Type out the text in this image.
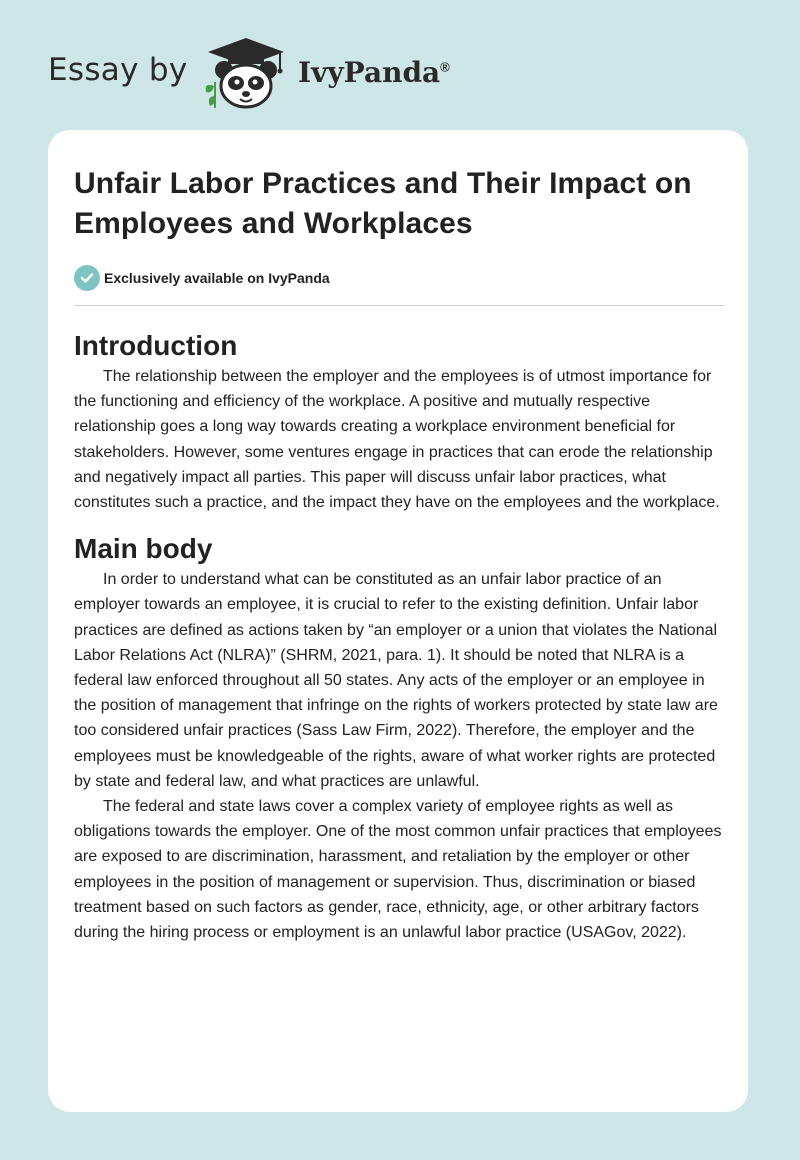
Essay by	IvyPanda®
Unfair Labor Practices and Their Impact on Employees and Workplaces
Exclusively available on IvyPanda
Introduction

The relationship between the employer and the employees is of utmost importance for the functioning and efficiency of the workplace. A positive and mutually respective relationship goes a long way towards creating a workplace environment beneficial for stakeholders. However, some ventures engage in practices that can erode the relationship and negatively impact all parties. This paper will discuss unfair labor practices, what constitutes such a practice, and the impact they have on the employees and the workplace.

Main body

In order to understand what can be constituted as an unfair labor practice of an employer towards an employee, it is crucial to refer to the existing definition. Unfair labor practices are defined as actions taken by “an employer or a union that violates the National Labor Relations Act (NLRA)” (SHRM, 2021, para. 1). It should be noted that NLRA is a federal law enforced throughout all 50 states. Any acts of the employer or an employee in the position of management that infringe on the rights of workers protected by state law are too considered unfair practices (Sass Law Firm, 2022). Therefore, the employer and the employees must be knowledgeable of the rights, aware of what worker rights are protected by state and federal law, and what practices are unlawful.

The federal and state laws cover a complex variety of employee rights as well as obligations towards the employer. One of the most common unfair practices that employees are exposed to are discrimination, harassment, and retaliation by the employer or other employees in the position of management or supervision. Thus, discrimination or biased treatment based on such factors as gender, race, ethnicity, age, or other arbitrary factors during the hiring process or employment is an unlawful labor practice (USAGov, 2022).
